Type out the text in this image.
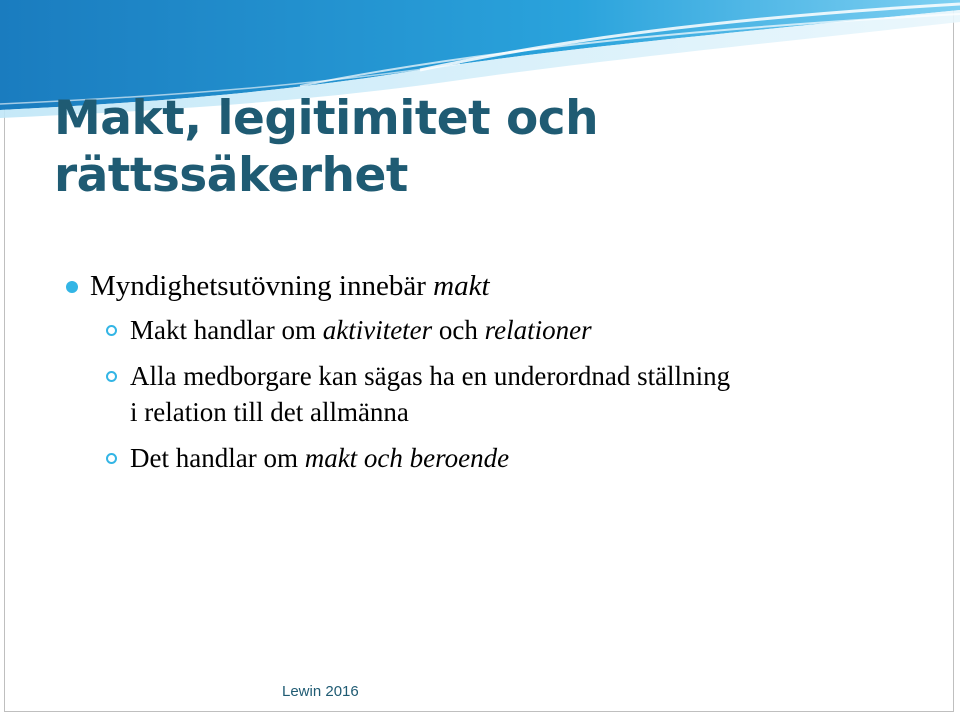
Makt, legitimitet och
rättssäkerhet

Myndighetsutövning innebär makt

Makt handlar om aktiviteter och relationer

Alla medborgare kan sägas ha en underordnad ställning
i relation till det allmänna

Det handlar om makt och beroende

Lewin 2016
